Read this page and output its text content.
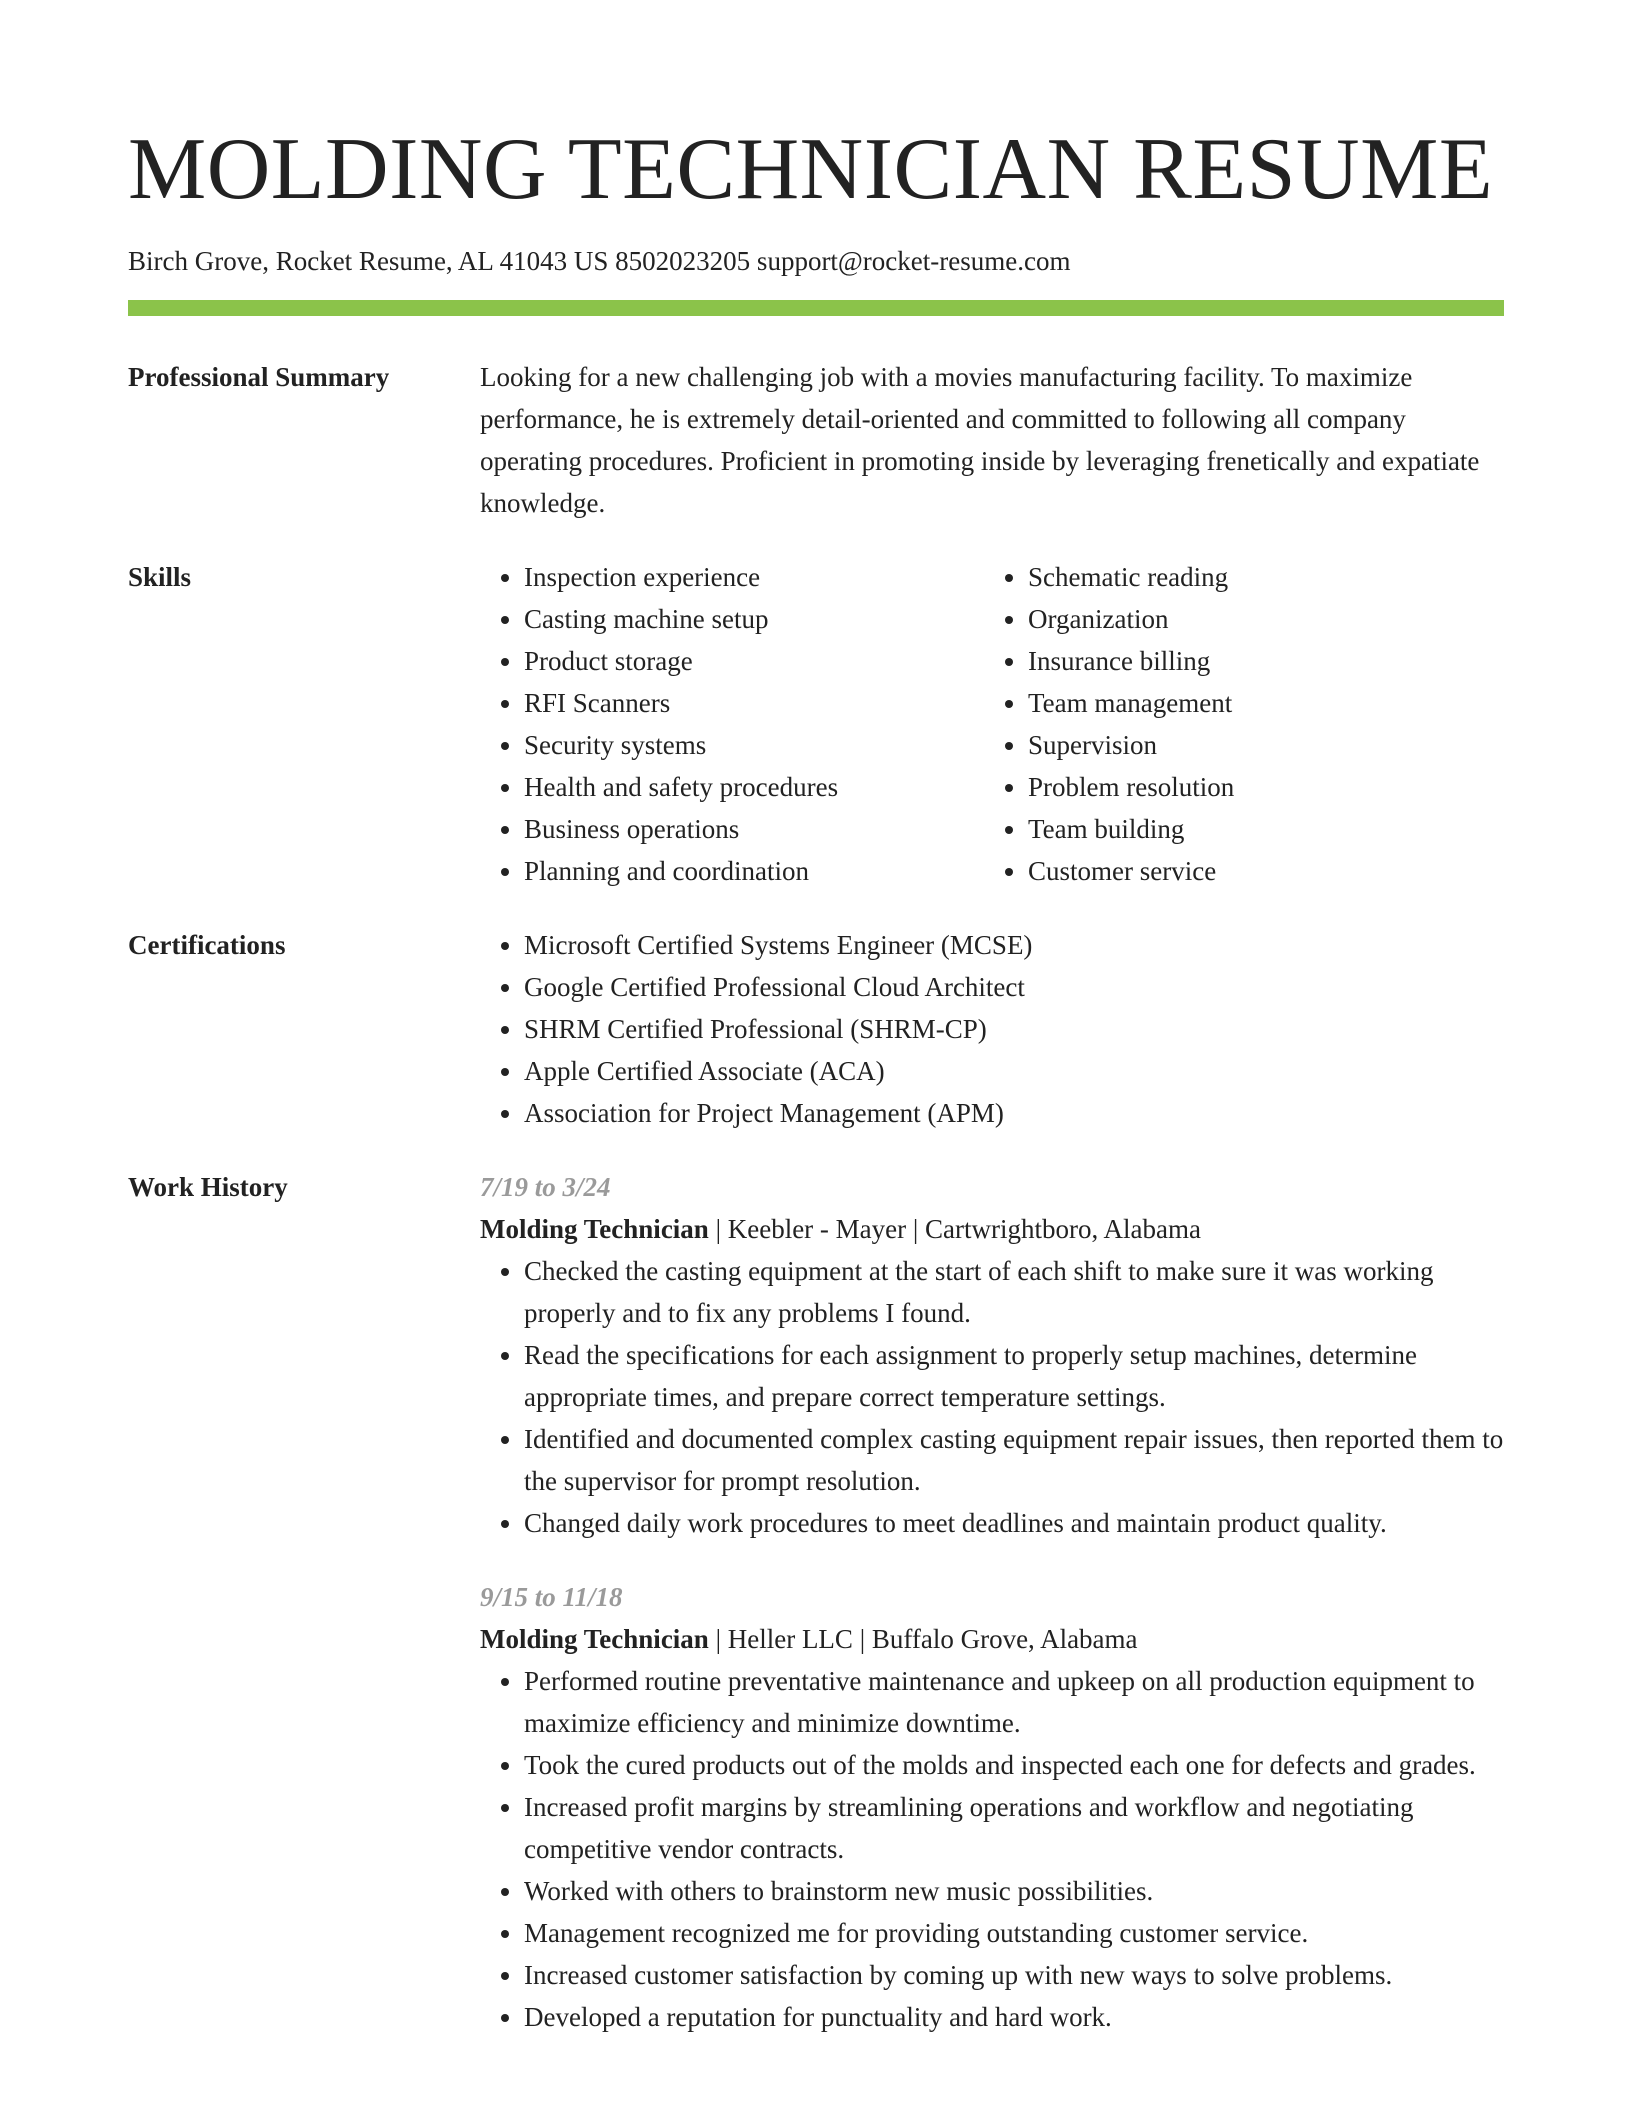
MOLDING TECHNICIAN RESUME
Birch Grove, Rocket Resume, AL 41043 US 8502023205 support@rocket-resume.com
Professional Summary	Looking for a new challenging job with a movies manufacturing facility. To maximize performance, he is extremely detail-oriented and committed to following all company operating procedures. Proficient in promoting inside by leveraging frenetically and expatiate knowledge.

Skills	• Inspection experience
• Casting machine setup
• Product storage
• RFI Scanners
• Security systems
• Health and safety procedures
• Business operations
• Planning and coordination
• Schematic reading
• Organization
• Insurance billing
• Team management
• Supervision
• Problem resolution
• Team building
• Customer service
Certifications	• Microsoft Certified Systems Engineer (MCSE)
• Google Certified Professional Cloud Architect
• SHRM Certified Professional (SHRM-CP)
• Apple Certified Associate (ACA)
• Association for Project Management (APM)
Work History	7/19 to 3/24
Molding Technician | Keebler - Mayer | Cartwrightboro, Alabama
• Checked the casting equipment at the start of each shift to make sure it was working properly and to fix any problems I found.
• Read the specifications for each assignment to properly setup machines, determine appropriate times, and prepare correct temperature settings.
• Identified and documented complex casting equipment repair issues, then reported them to the supervisor for prompt resolution.
• Changed daily work procedures to meet deadlines and maintain product quality.
9/15 to 11/18
Molding Technician | Heller LLC | Buffalo Grove, Alabama
• Performed routine preventative maintenance and upkeep on all production equipment to maximize efficiency and minimize downtime.
• Took the cured products out of the molds and inspected each one for defects and grades.
• Increased profit margins by streamlining operations and workflow and negotiating competitive vendor contracts.
• Worked with others to brainstorm new music possibilities.
• Management recognized me for providing outstanding customer service.
• Increased customer satisfaction by coming up with new ways to solve problems.
• Developed a reputation for punctuality and hard work.
